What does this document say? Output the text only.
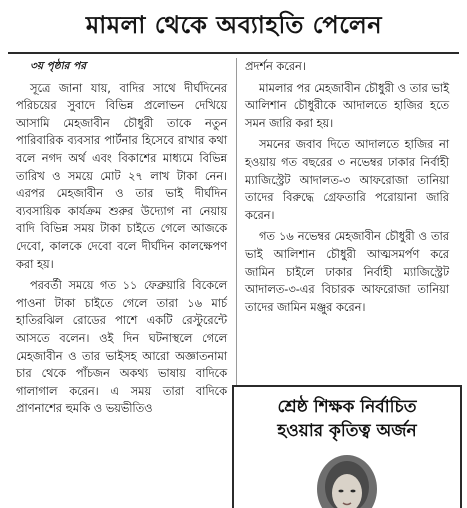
মামলা থেকে অব্যাহতি পেলেন

৩য় পৃষ্ঠার পর

সূত্রে জানা যায়, বাদির সাথে দীর্ঘদিনের পরিচয়ের সুবাদে বিভিন্ন প্রলোভন দেখিয়ে আসামি মেহজাবীন চৌধুরী তাকে নতুন পারিবারিক ব্যবসার পার্টনার হিসেবে রাখার কথা বলে নগদ অর্থ এবং বিকাশের মাধ্যমে বিভিন্ন তারিখ ও সময়ে মোট ২৭ লাখ টাকা নেন। এরপর মেহজাবীন ও তার ভাই দীর্ঘদিন ব্যবসায়িক কার্যক্রম শুরুর উদ্যোগ না নেয়ায় বাদি বিভিন্ন সময় টাকা চাইতে গেলে আজকে দেবো, কালকে দেবো বলে দীর্ঘদিন কালক্ষেপণ করা হয়।

পরবর্তী সময়ে গত ১১ ফেব্রুয়ারি বিকেলে পাওনা টাকা চাইতে গেলে তারা ১৬ মার্চ হাতিরঝিল রোডের পাশে একটি রেস্টুরেন্টে আসতে বলেন। ওই দিন ঘটনাস্থলে গেলে মেহজাবীন ও তার ভাইসহ আরো অজ্ঞাতনামা চার থেকে পাঁচজন অকথ্য ভাষায় বাদিকে গালাগাল করেন। এ সময় তারা বাদিকে প্রাণনাশের হুমকি ও ভয়ভীতিও

প্রদর্শন করেন।

মামলার পর মেহজাবীন চৌধুরী ও তার ভাই আলিশান চৌধুরীকে আদালতে হাজির হতে সমন জারি করা হয়।

সমনের জবাব দিতে আদালতে হাজির না হওয়ায় গত বছরের ৩ নভেম্বর ঢাকার নির্বাহী ম্যাজিস্ট্রেট আদালত-৩ আফরোজা তানিয়া তাদের বিরুদ্ধে গ্রেফতারি পরোয়ানা জারি করেন।

গত ১৬ নভেম্বর মেহজাবীন চৌধুরী ও তার ভাই আলিশান চৌধুরী আত্মসমর্পণ করে জামিন চাইলে ঢাকার নির্বাহী ম্যাজিস্ট্রেট আদালত-৩-এর বিচারক আফরোজা তানিয়া তাদের জামিন মঞ্জুর করেন।

শ্রেষ্ঠ শিক্ষক নির্বাচিত
হওয়ার কৃতিত্ব অর্জন
